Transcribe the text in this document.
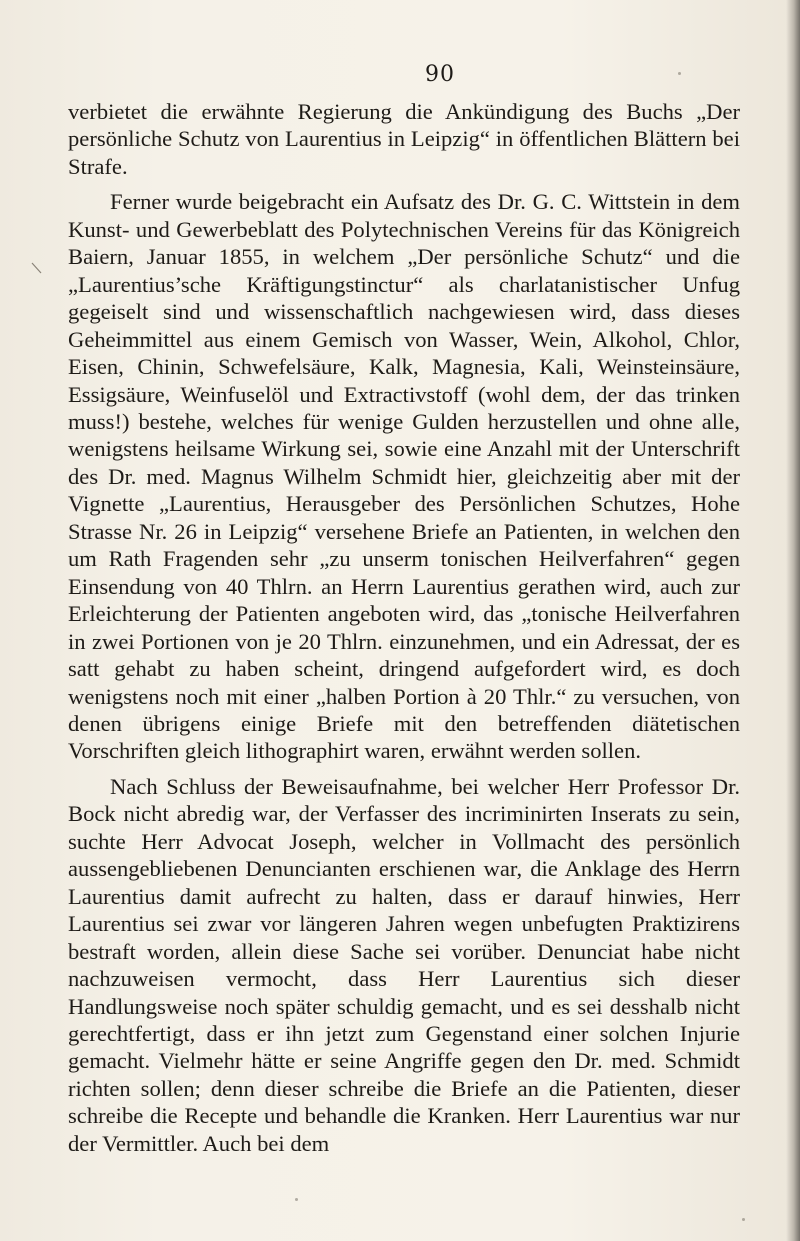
90

verbietet die erwähnte Regierung die Ankündigung des Buchs „Der persönliche Schutz von Laurentius in Leipzig“ in öffentlichen Blättern bei Strafe.

Ferner wurde beigebracht ein Aufsatz des Dr. G. C. Wittstein in dem Kunst- und Gewerbeblatt des Polytechnischen Vereins für das Königreich Baiern, Januar 1855, in welchem „Der persönliche Schutz“ und die „Laurentius’sche Kräftigungstinctur“ als charlatanistischer Unfug gegeiselt sind und wissenschaftlich nachgewiesen wird, dass dieses Geheimmittel aus einem Gemisch von Wasser, Wein, Alkohol, Chlor, Eisen, Chinin, Schwefelsäure, Kalk, Magnesia, Kali, Weinsteinsäure, Essigsäure, Weinfuselöl und Extractivstoff (wohl dem, der das trinken muss!) bestehe, welches für wenige Gulden herzustellen und ohne alle, wenigstens heilsame Wirkung sei, sowie eine Anzahl mit der Unterschrift des Dr. med. Magnus Wilhelm Schmidt hier, gleichzeitig aber mit der Vignette „Laurentius, Herausgeber des Persönlichen Schutzes, Hohe Strasse Nr. 26 in Leipzig“ versehene Briefe an Patienten, in welchen den um Rath Fragenden sehr „zu unserm tonischen Heilverfahren“ gegen Einsendung von 40 Thlrn. an Herrn Laurentius gerathen wird, auch zur Erleichterung der Patienten angeboten wird, das „tonische Heilverfahren in zwei Portionen von je 20 Thlrn. einzunehmen, und ein Adressat, der es satt gehabt zu haben scheint, dringend aufgefordert wird, es doch wenigstens noch mit einer „halben Portion à 20 Thlr.“ zu versuchen, von denen übrigens einige Briefe mit den betreffenden diätetischen Vorschriften gleich lithographirt waren, erwähnt werden sollen.

Nach Schluss der Beweisaufnahme, bei welcher Herr Professor Dr. Bock nicht abredig war, der Verfasser des incriminirten Inserats zu sein, suchte Herr Advocat Joseph, welcher in Vollmacht des persönlich aussengebliebenen Denuncianten erschienen war, die Anklage des Herrn Laurentius damit aufrecht zu halten, dass er darauf hinwies, Herr Laurentius sei zwar vor längeren Jahren wegen unbefugten Praktizirens bestraft worden, allein diese Sache sei vorüber. Denunciat habe nicht nachzuweisen vermocht, dass Herr Laurentius sich dieser Handlungsweise noch später schuldig gemacht, und es sei desshalb nicht gerechtfertigt, dass er ihn jetzt zum Gegenstand einer solchen Injurie gemacht. Vielmehr hätte er seine Angriffe gegen den Dr. med. Schmidt richten sollen; denn dieser schreibe die Briefe an die Patienten, dieser schreibe die Recepte und behandle die Kranken. Herr Laurentius war nur der Vermittler. Auch bei dem
